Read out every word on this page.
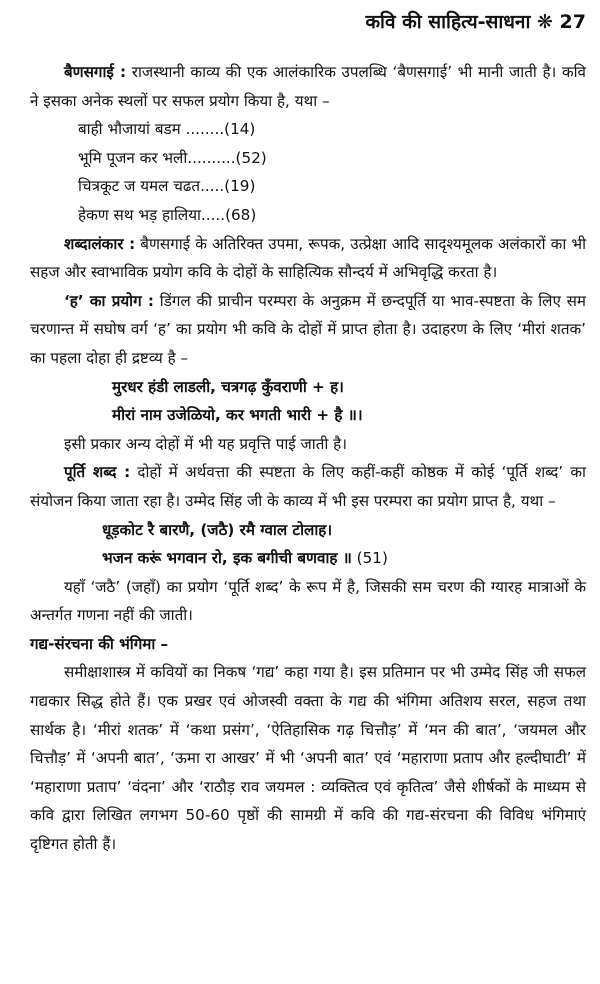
कवि की साहित्य-साधना ❋ 27

बैणसगाई : राजस्थानी काव्य की एक आलंकारिक उपलब्धि ‘बैणसगाई’ भी मानी जाती है। कवि ने इसका अनेक स्थलों पर सफल प्रयोग किया है, यथा –

बाही भौजायां बडम ........(14)

भूमि पूजन कर भली..........(52)

चित्रकूट ज यमल चढत.....(19)

हेकण सथ भड़ हालिया.....(68)

शब्दालंकार : बैणसगाई के अतिरिक्त उपमा, रूपक, उत्प्रेक्षा आदि सादृश्यमूलक अलंकारों का भी सहज और स्वाभाविक प्रयोग कवि के दोहों के साहित्यिक सौन्दर्य में अभिवृद्धि करता है।

‘ह’ का प्रयोग : डिंगल की प्राचीन परम्परा के अनुक्रम में छन्दपूर्ति या भाव-स्पष्टता के लिए सम चरणान्त में सघोष वर्ग ‘ह’ का प्रयोग भी कवि के दोहों में प्राप्त होता है। उदाहरण के लिए ‘मीरां शतक’ का पहला दोहा ही द्रष्टव्य है –

मुरधर हंडी लाडली, चत्रगढ़ कुँवराणी + ह।

मीरां नाम उजेळियो, कर भगती भारी + है ॥।

इसी प्रकार अन्य दोहों में भी यह प्रवृत्ति पाई जाती है।

पूर्ति शब्द : दोहों में अर्थवत्ता की स्पष्टता के लिए कहीं-कहीं कोष्ठक में कोई ‘पूर्ति शब्द’ का संयोजन किया जाता रहा है। उम्मेद सिंह जी के काव्य में भी इस परम्परा का प्रयोग प्राप्त है, यथा –

धूड़कोट रै बारणै, (जठै) रमै ग्वाल टोलाह।

भजन करूं भगवान रो, इक बगीची बणवाह ॥ (51)

यहाँ ‘जठै’ (जहाँ) का प्रयोग ‘पूर्ति शब्द’ के रूप में है, जिसकी सम चरण की ग्यारह मात्राओं के अन्तर्गत गणना नहीं की जाती।

गद्य-संरचना की भंगिमा –

समीक्षाशास्त्र में कवियों का निकष ‘गद्य’ कहा गया है। इस प्रतिमान पर भी उम्मेद सिंह जी सफल गद्यकार सिद्ध होते हैं। एक प्रखर एवं ओजस्वी वक्ता के गद्य की भंगिमा अतिशय सरल, सहज तथा सार्थक है। ‘मीरां शतक’ में ‘कथा प्रसंग’, ‘ऐतिहासिक गढ़ चित्तौड़’ में ‘मन की बात’, ‘जयमल और चित्तौड़’ में ‘अपनी बात’, ‘ऊमा रा आखर’ में भी ‘अपनी बात’ एवं ‘महाराणा प्रताप और हल्दीघाटी’ में ‘महाराणा प्रताप’ ‘वंदना’ और ‘राठौड़ राव जयमल : व्यक्तित्व एवं कृतित्व’ जैसे शीर्षकों के माध्यम से कवि द्वारा लिखित लगभग 50-60 पृष्ठों की सामग्री में कवि की गद्य-संरचना की विविध भंगिमाएं दृष्टिगत होती हैं।
